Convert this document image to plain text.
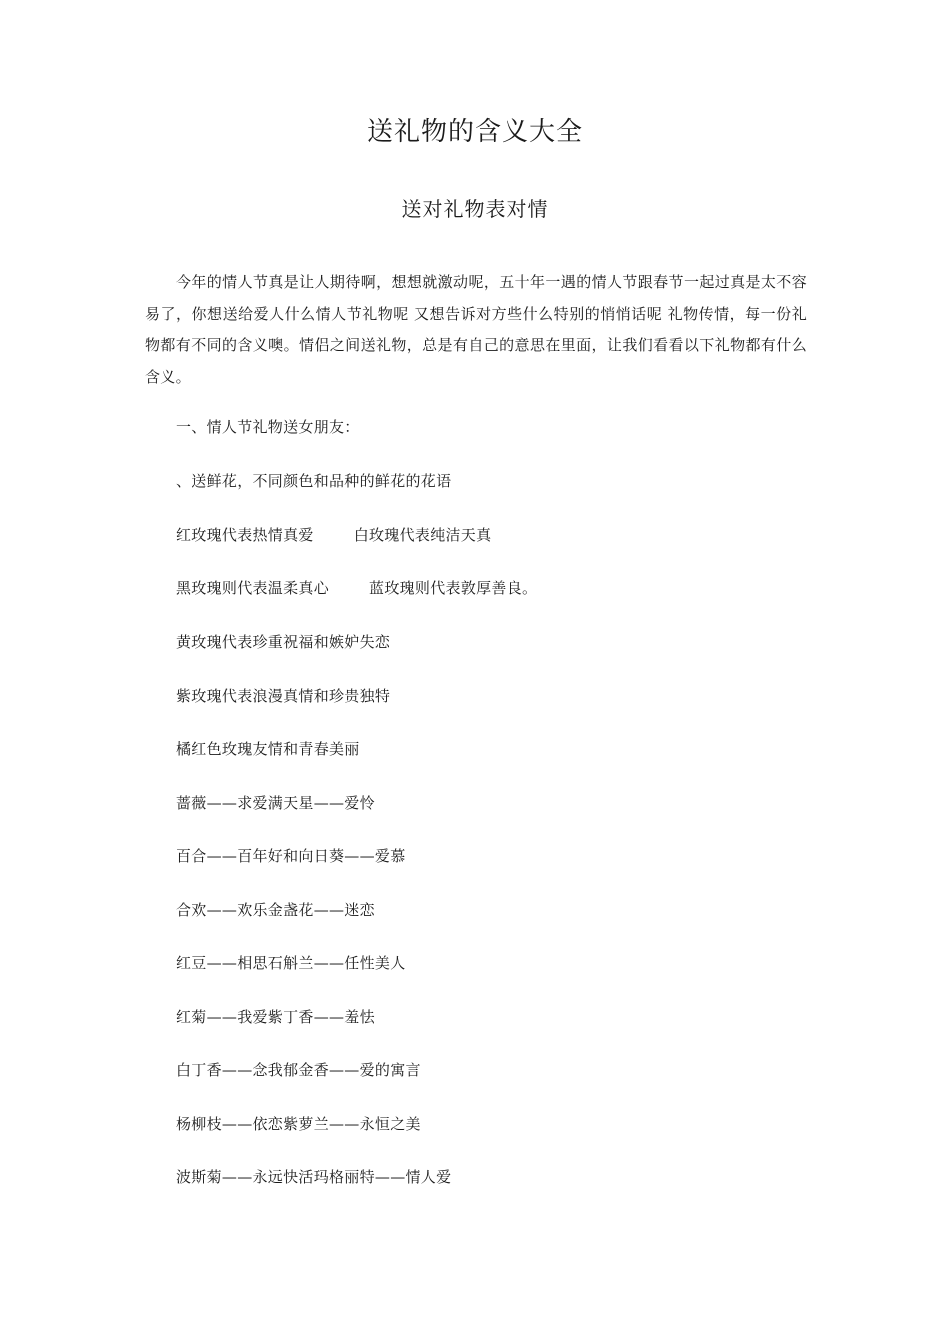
送礼物的含义大全
送对礼物表对情

今年的情人节真是让人期待啊，想想就激动呢，五十年一遇的情人节跟春节一起过真是太不容易了，你想送给爱人什么情人节礼物呢 又想告诉对方些什么特别的悄悄话呢 礼物传情，每一份礼物都有不同的含义噢。情侣之间送礼物，总是有自己的意思在里面，让我们看看以下礼物都有什么含义。

一、情人节礼物送女朋友：
、送鲜花，不同颜色和品种的鲜花的花语
红玫瑰代表热情真爱	白玫瑰代表纯洁天真
黑玫瑰则代表温柔真心	蓝玫瑰则代表敦厚善良。
黄玫瑰代表珍重祝福和嫉妒失恋
紫玫瑰代表浪漫真情和珍贵独特
橘红色玫瑰友情和青春美丽
蔷薇——求爱满天星——爱怜
百合——百年好和向日葵——爱慕
合欢——欢乐金盏花——迷恋
红豆——相思石斛兰——任性美人
红菊——我爱紫丁香——羞怯
白丁香——念我郁金香——爱的寓言
杨柳枝——依恋紫萝兰——永恒之美
波斯菊——永远快活玛格丽特——情人爱
